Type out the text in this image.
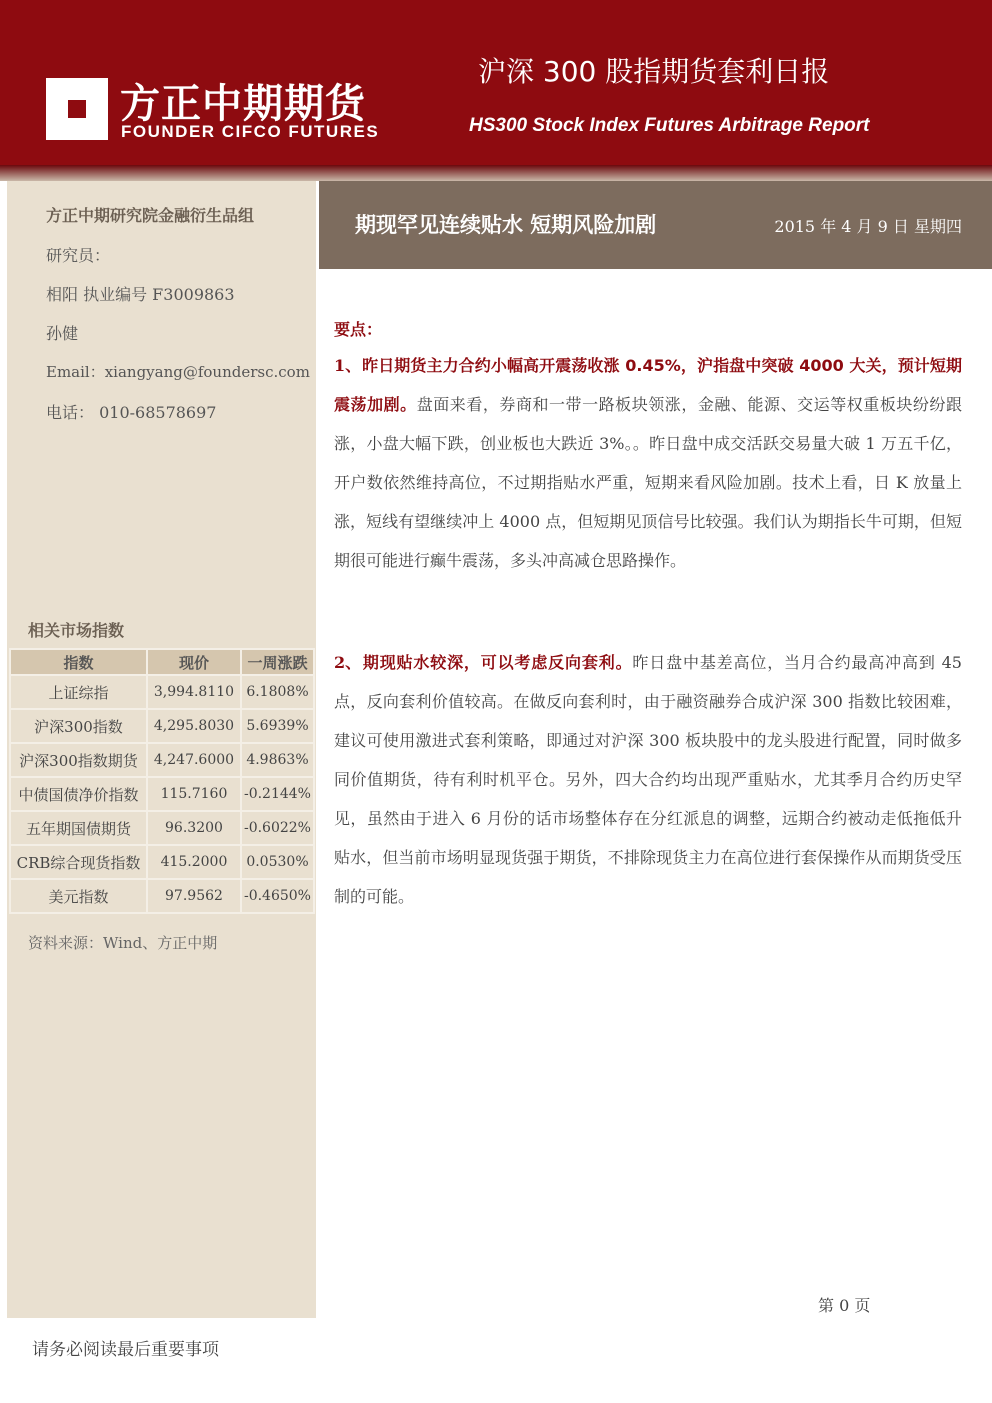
方正中期期货

FOUNDER CIFCO FUTURES

沪深 300 股指期货套利日报

HS300 Stock Index Futures Arbitrage Report

方正中期研究院金融衍生品组

研究员：

相阳 执业编号 F3009863

孙健

Email：xiangyang@foundersc.com

电话： 010-68578697

相关市场指数

指数	现价	一周涨跌
上证综指	3,994.8110	6.1808%
沪深300指数	4,295.8030	5.6939%
沪深300指数期货	4,247.6000	4.9863%
中债国债净价指数	115.7160	-0.2144%
五年期国债期货	96.3200	-0.6022%
CRB综合现货指数	415.2000	0.0530%
美元指数	97.9562	-0.4650%

资料来源：Wind、方正中期

期现罕见连续贴水 短期风险加剧	2015 年 4 月 9 日 星期四

要点：

1、昨日期货主力合约小幅高开震荡收涨 0.45%，沪指盘中突破 4000 大关，预计短期震荡加剧。盘面来看，券商和一带一路板块领涨，金融、能源、交运等权重板块纷纷跟涨，小盘大幅下跌，创业板也大跌近 3%。。昨日盘中成交活跃交易量大破 1 万五千亿，开户数依然维持高位，不过期指贴水严重，短期来看风险加剧。技术上看，日 K 放量上涨，短线有望继续冲上 4000 点，但短期见顶信号比较强。我们认为期指长牛可期，但短期很可能进行癫牛震荡，多头冲高减仓思路操作。
2、期现贴水较深，可以考虑反向套利。昨日盘中基差高位，当月合约最高冲高到 45 点，反向套利价值较高。在做反向套利时，由于融资融券合成沪深 300 指数比较困难，建议可使用激进式套利策略，即通过对沪深 300 板块股中的龙头股进行配置，同时做多同价值期货，待有利时机平仓。另外，四大合约均出现严重贴水，尤其季月合约历史罕见，虽然由于进入 6 月份的话市场整体存在分红派息的调整，远期合约被动走低拖低升贴水，但当前市场明显现货强于期货，不排除现货主力在高位进行套保操作从而期货受压制的可能。

第 0 页

请务必阅读最后重要事项
